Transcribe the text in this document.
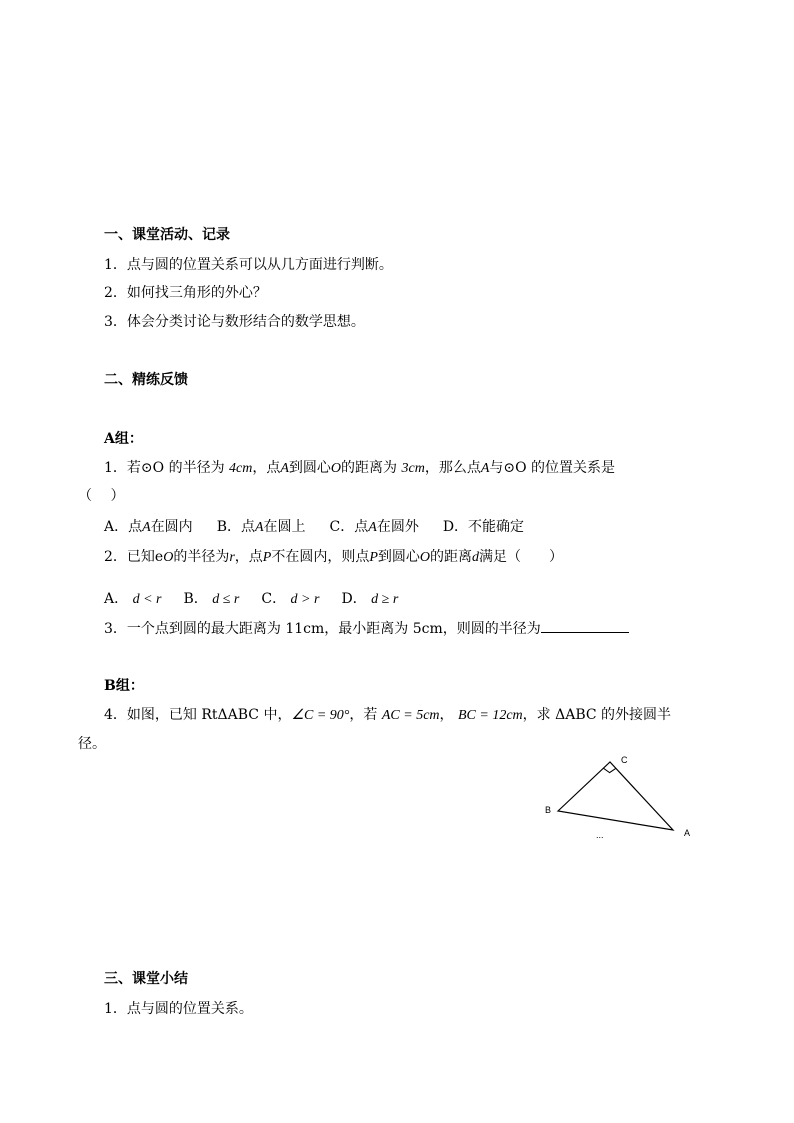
一、课堂活动、记录
1．点与圆的位置关系可以从几方面进行判断。
2．如何找三角形的外心？
3．体会分类讨论与数形结合的数学思想。
二、精练反馈
A组：
1．若⊙O 的半径为 4cm，点A到圆心O的距离为 3cm，那么点A与⊙O 的位置关系是
（　 ）
A．点A在圆内 B．点A在圆上 C．点A在圆外 D．不能确定
2．已知eO的半径为r，点P不在圆内，则点P到圆心O的距离d满足（　　）
A． d < r B． d ≤ r C． d > r D． d ≥ r
3．一个点到圆的最大距离为 11cm，最小距离为 5cm，则圆的半径为
B组：
4．如图，已知 RtΔABC 中，∠C = 90°，若 AC = 5cm， BC = 12cm，求 ΔABC 的外接圆半
径。
C
B
A
...
三、课堂小结
1．点与圆的位置关系。
